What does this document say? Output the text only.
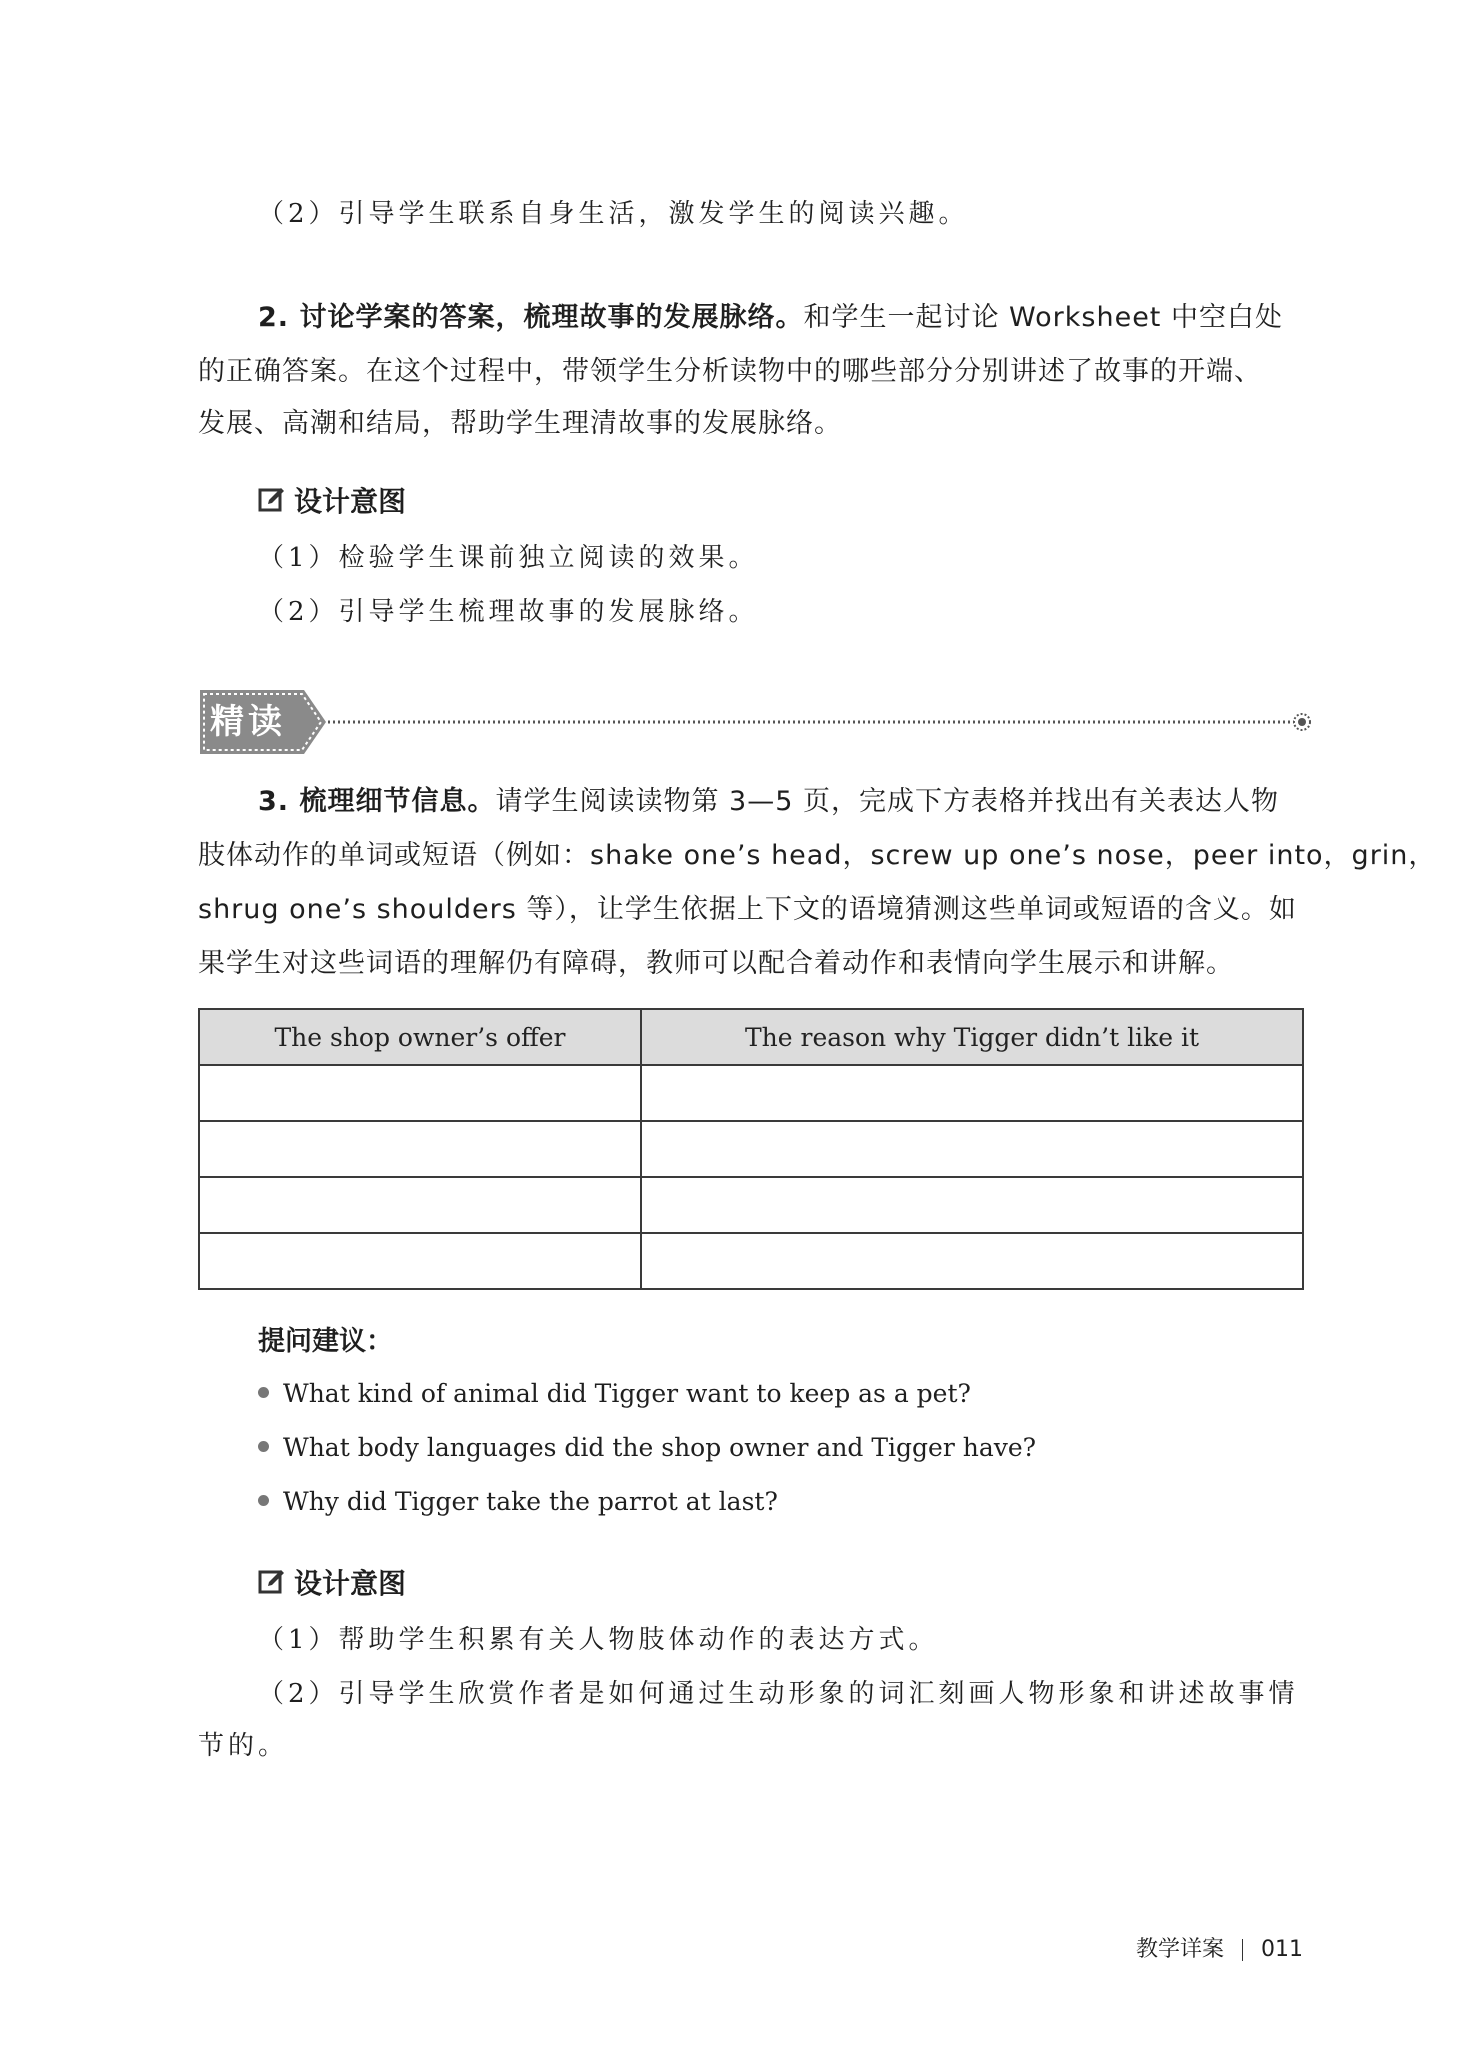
（2）引导学生联系自身生活，激发学生的阅读兴趣。
2. 讨论学案的答案，梳理故事的发展脉络。和学生一起讨论 Worksheet 中空白处
的正确答案。在这个过程中，带领学生分析读物中的哪些部分分别讲述了故事的开端、
发展、高潮和结局，帮助学生理清故事的发展脉络。
设计意图
（1）检验学生课前独立阅读的效果。
（2）引导学生梳理故事的发展脉络。
精读
3. 梳理细节信息。请学生阅读读物第 3—5 页，完成下方表格并找出有关表达人物
肢体动作的单词或短语（例如：shake one’s head，screw up one’s nose，peer into，grin，
shrug one’s shoulders 等），让学生依据上下文的语境猜测这些单词或短语的含义。如
果学生对这些词语的理解仍有障碍，教师可以配合着动作和表情向学生展示和讲解。
The shop owner’s offer	The reason why Tigger didn’t like it

提问建议：
What kind of animal did Tigger want to keep as a pet?
What body languages did the shop owner and Tigger have?
Why did Tigger take the parrot at last?
设计意图
（1）帮助学生积累有关人物肢体动作的表达方式。
（2）引导学生欣赏作者是如何通过生动形象的词汇刻画人物形象和讲述故事情
节的。
教学详案 011
